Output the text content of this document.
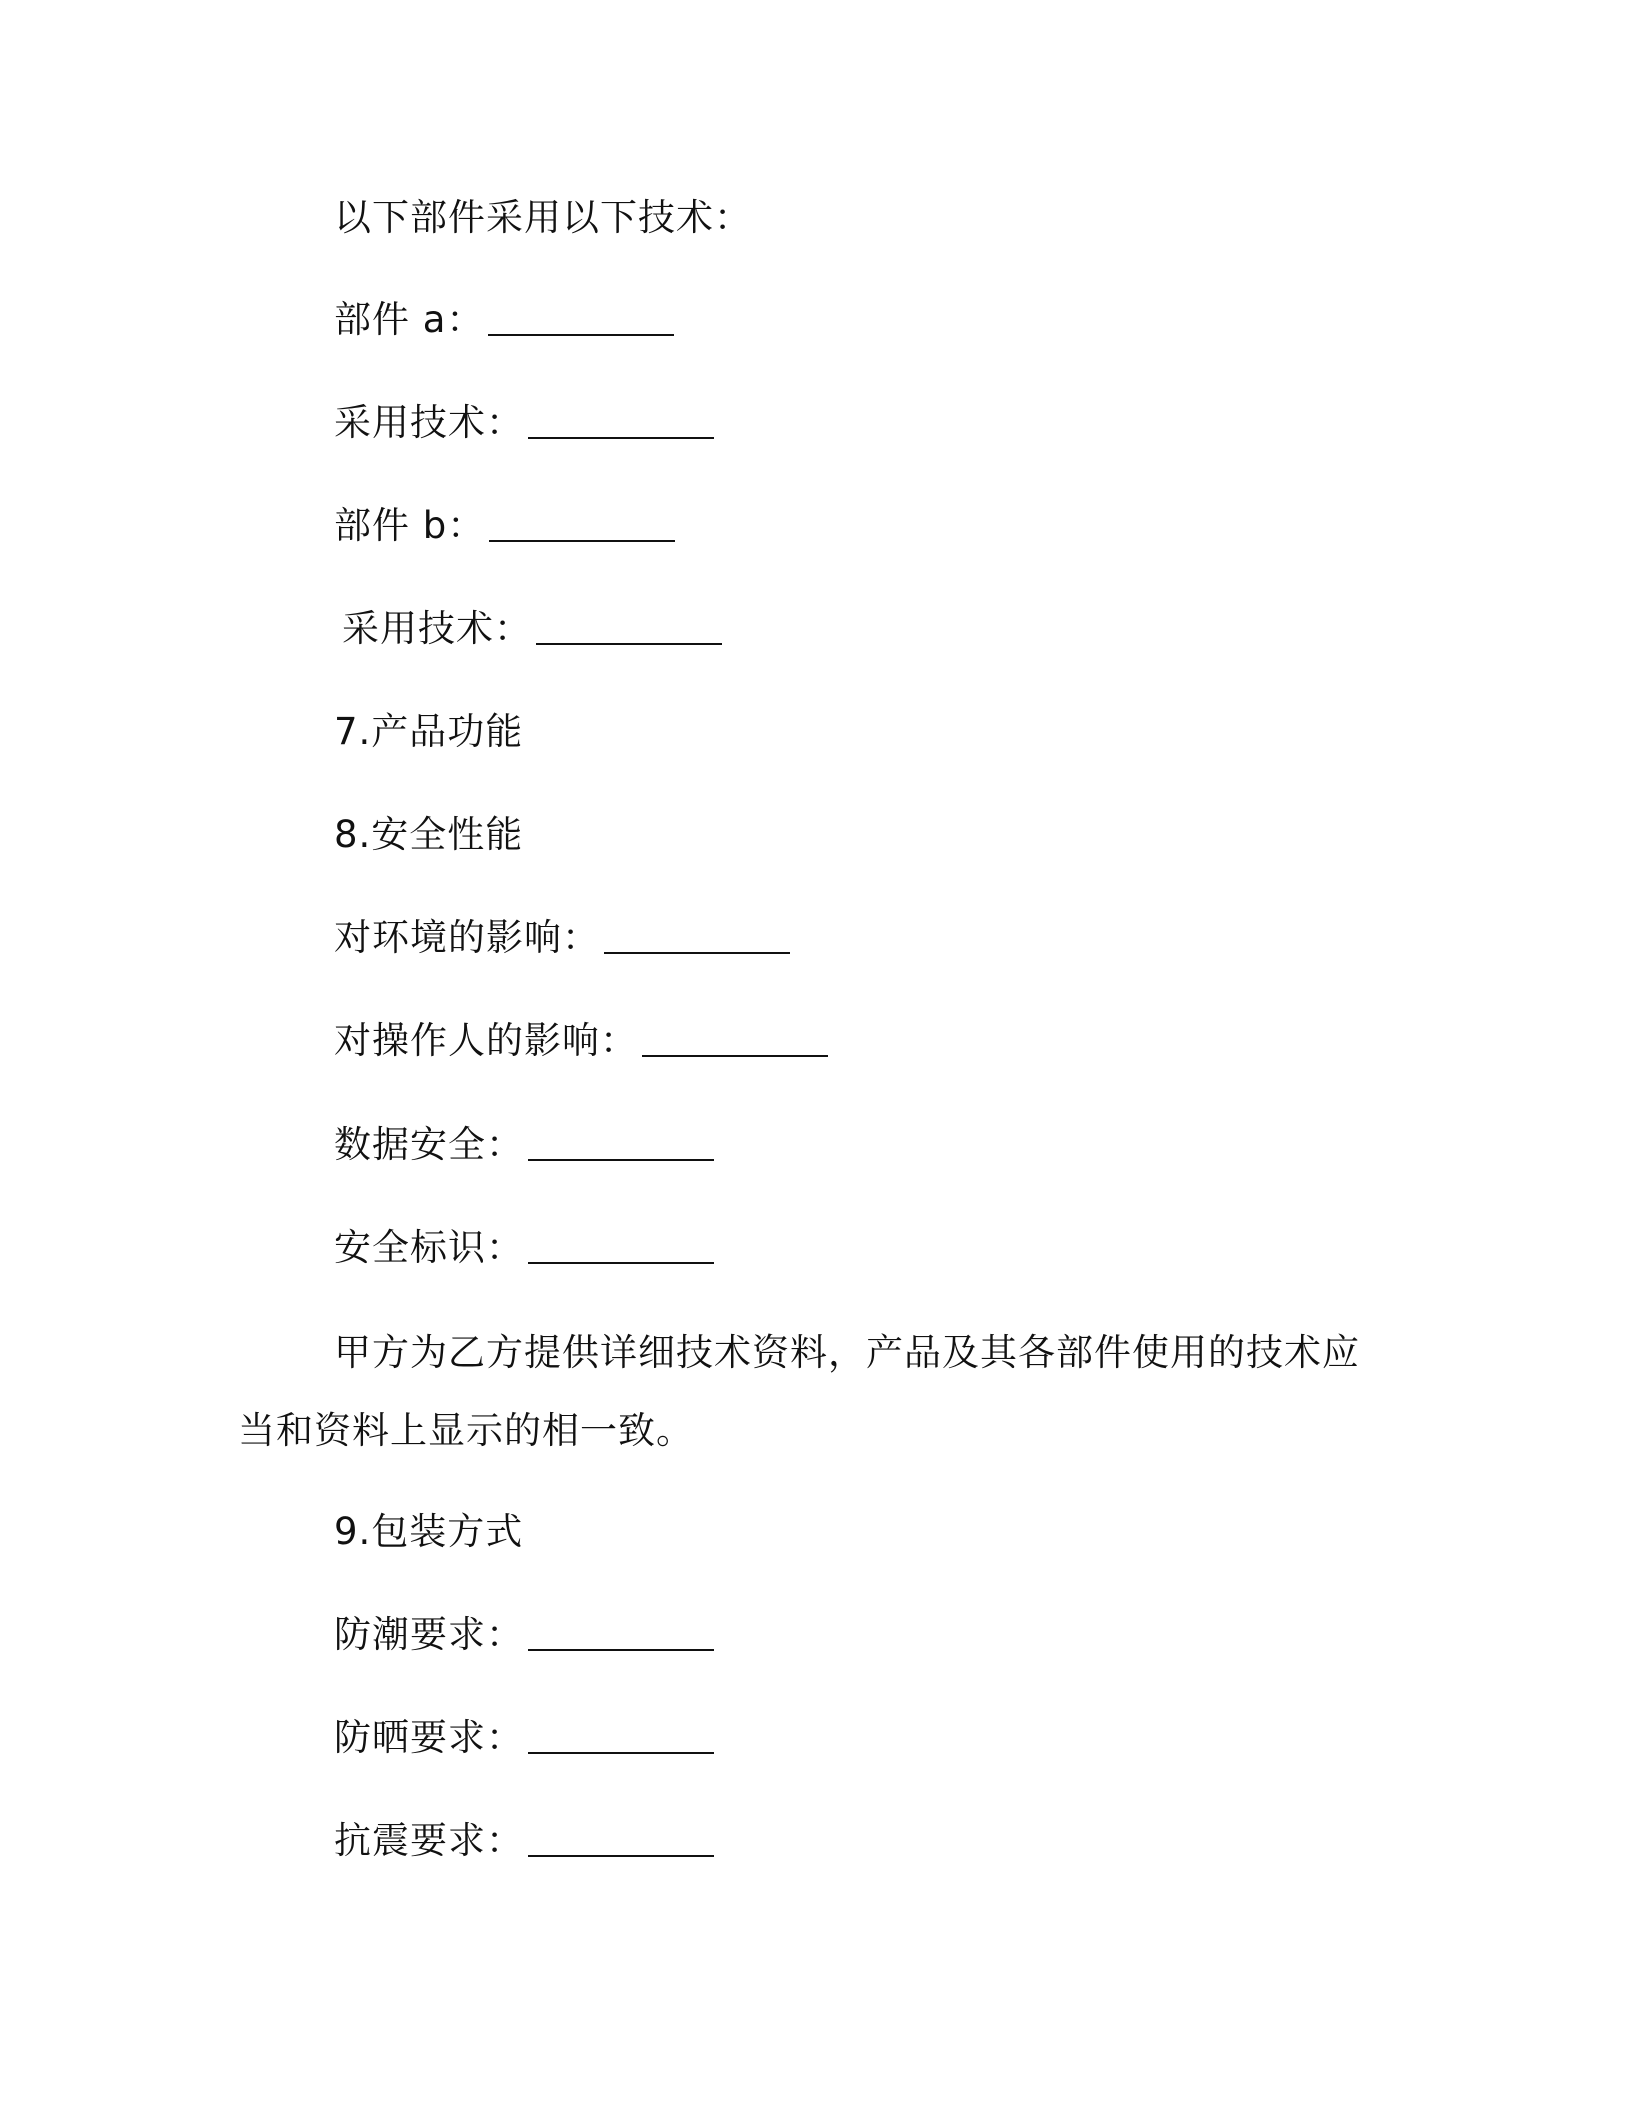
以下部件采用以下技术：
部件 a：
采用技术：
部件 b：
采用技术：
7.产品功能
8.安全性能
对环境的影响：
对操作人的影响：
数据安全：
安全标识：
甲方为乙方提供详细技术资料，产品及其各部件使用的技术应当和资料上显示的相一致。
9.包装方式
防潮要求：
防晒要求：
抗震要求：
